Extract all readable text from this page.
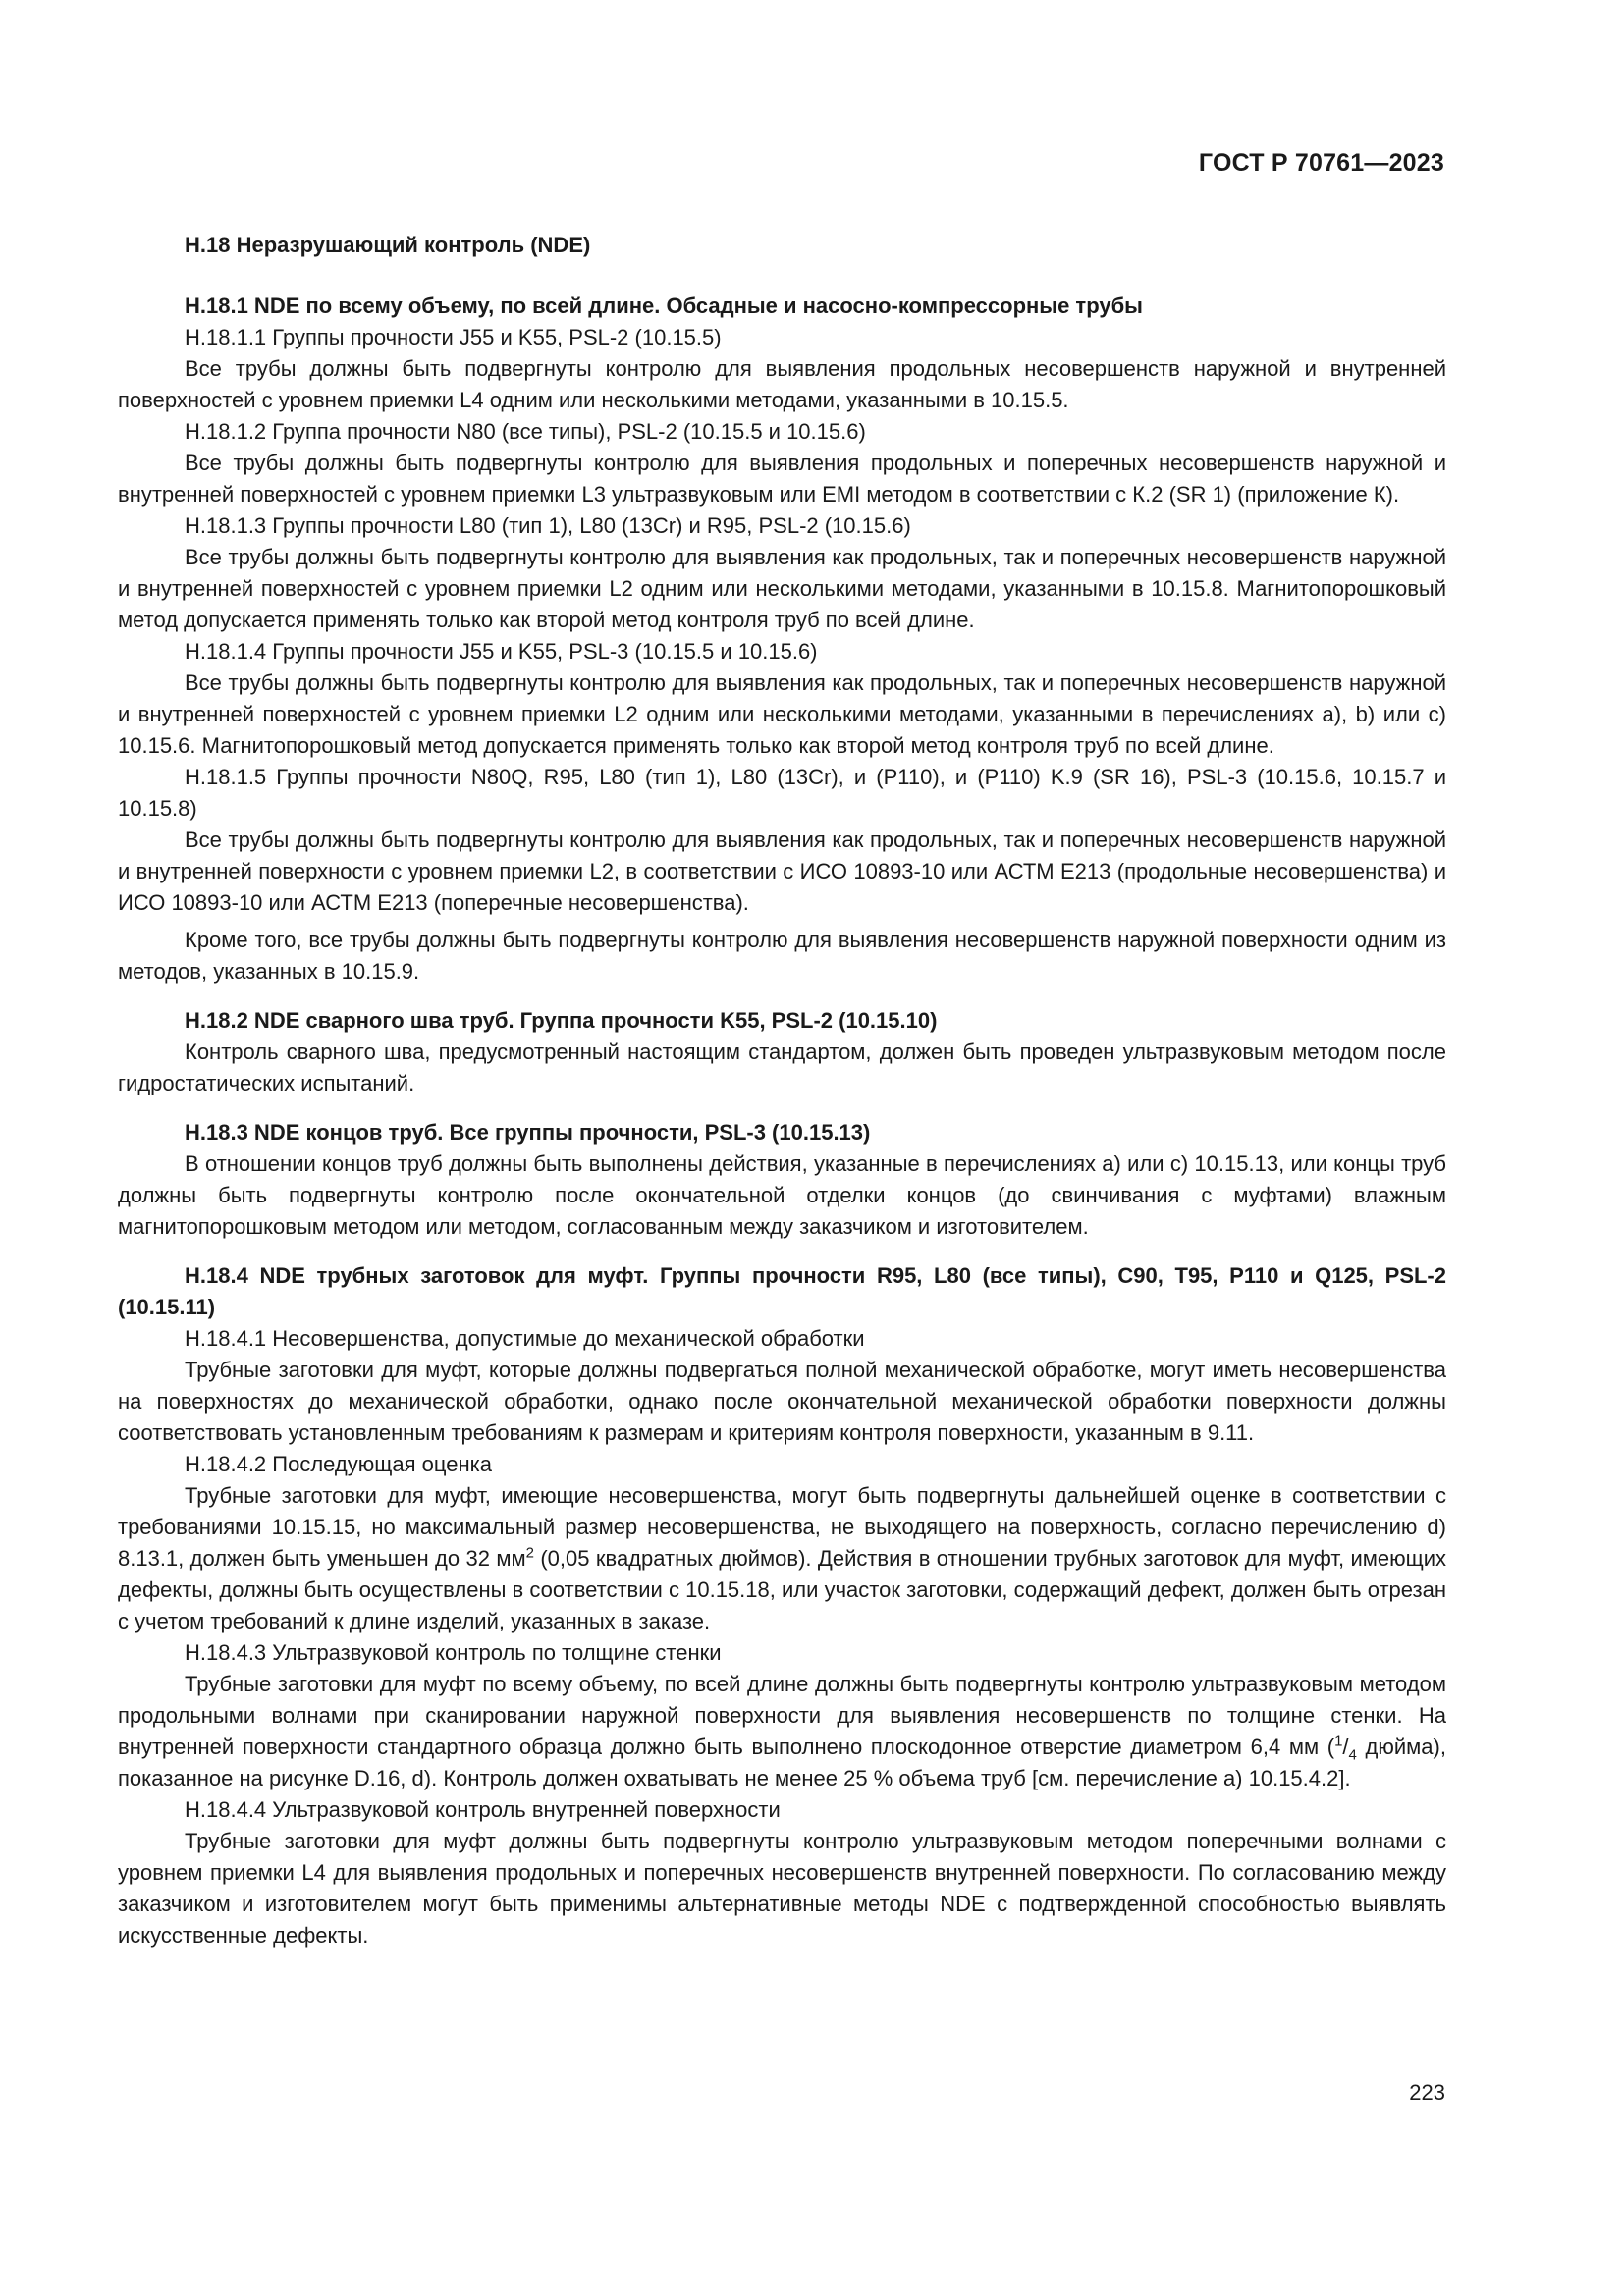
ГОСТ Р 70761—2023

H.18 Неразрушающий контроль (NDE)

H.18.1 NDE по всему объему, по всей длине. Обсадные и насосно-компрессорные трубы

H.18.1.1 Группы прочности J55 и K55, PSL-2 (10.15.5)

Все трубы должны быть подвергнуты контролю для выявления продольных несовершенств наружной и внутренней поверхностей с уровнем приемки L4 одним или несколькими методами, указанными в 10.15.5.

H.18.1.2 Группа прочности N80 (все типы), PSL-2 (10.15.5 и 10.15.6)

Все трубы должны быть подвергнуты контролю для выявления продольных и поперечных несовершенств наружной и внутренней поверхностей с уровнем приемки L3 ультразвуковым или EMI методом в соответствии с К.2 (SR 1) (приложение К).

H.18.1.3 Группы прочности L80 (тип 1), L80 (13Cr) и R95, PSL-2 (10.15.6)

Все трубы должны быть подвергнуты контролю для выявления как продольных, так и поперечных несовершенств наружной и внутренней поверхностей с уровнем приемки L2 одним или несколькими методами, указанными в 10.15.8. Магнитопорошковый метод допускается применять только как второй метод контроля труб по всей длине.

H.18.1.4 Группы прочности J55 и K55, PSL-3 (10.15.5 и 10.15.6)

Все трубы должны быть подвергнуты контролю для выявления как продольных, так и поперечных несовершенств наружной и внутренней поверхностей с уровнем приемки L2 одним или несколькими методами, указанными в перечислениях а), b) или с) 10.15.6. Магнитопорошковый метод допускается применять только как второй метод контроля труб по всей длине.

H.18.1.5 Группы прочности N80Q, R95, L80 (тип 1), L80 (13Cr), и (P110), и (P110) K.9 (SR 16), PSL-3 (10.15.6, 10.15.7 и 10.15.8)

Все трубы должны быть подвергнуты контролю для выявления как продольных, так и поперечных несовершенств наружной и внутренней поверхности с уровнем приемки L2, в соответствии с ИСО 10893-10 или АСТМ E213 (продольные несовершенства) и ИСО 10893-10 или АСТМ E213 (поперечные несовершенства).

Кроме того, все трубы должны быть подвергнуты контролю для выявления несовершенств наружной поверхности одним из методов, указанных в 10.15.9.

H.18.2 NDE сварного шва труб. Группа прочности K55, PSL-2 (10.15.10)

Контроль сварного шва, предусмотренный настоящим стандартом, должен быть проведен ультразвуковым методом после гидростатических испытаний.

H.18.3 NDE концов труб. Все группы прочности, PSL-3 (10.15.13)

В отношении концов труб должны быть выполнены действия, указанные в перечислениях а) или с) 10.15.13, или концы труб должны быть подвергнуты контролю после окончательной отделки концов (до свинчивания с муфтами) влажным магнитопорошковым методом или методом, согласованным между заказчиком и изготовителем.

H.18.4 NDE трубных заготовок для муфт. Группы прочности R95, L80 (все типы), C90, T95, P110 и Q125, PSL-2 (10.15.11)

H.18.4.1 Несовершенства, допустимые до механической обработки

Трубные заготовки для муфт, которые должны подвергаться полной механической обработке, могут иметь несовершенства на поверхностях до механической обработки, однако после окончательной механической обработки поверхности должны соответствовать установленным требованиям к размерам и критериям контроля поверхности, указанным в 9.11.

H.18.4.2 Последующая оценка

Трубные заготовки для муфт, имеющие несовершенства, могут быть подвергнуты дальнейшей оценке в соответствии с требованиями 10.15.15, но максимальный размер несовершенства, не выходящего на поверхность, согласно перечислению d) 8.13.1, должен быть уменьшен до 32 $мм^2$ (0,05 квадратных дюймов). Действия в отношении трубных заготовок для муфт, имеющих дефекты, должны быть осуществлены в соответствии с 10.15.18, или участок заготовки, содержащий дефект, должен быть отрезан с учетом требований к длине изделий, указанных в заказе.

H.18.4.3 Ультразвуковой контроль по толщине стенки

Трубные заготовки для муфт по всему объему, по всей длине должны быть подвергнуты контролю ультразвуковым методом продольными волнами при сканировании наружной поверхности для выявления несовершенств по толщине стенки. На внутренней поверхности стандартного образца должно быть выполнено плоскодонное отверстие диаметром 6,4 мм ($^1/_4$ дюйма), показанное на рисунке D.16, d). Контроль должен охватывать не менее 25 % объема труб [см. перечисление а) 10.15.4.2].

H.18.4.4 Ультразвуковой контроль внутренней поверхности

Трубные заготовки для муфт должны быть подвергнуты контролю ультразвуковым методом поперечными волнами с уровнем приемки L4 для выявления продольных и поперечных несовершенств внутренней поверхности. По согласованию между заказчиком и изготовителем могут быть применимы альтернативные методы NDE с подтвержденной способностью выявлять искусственные дефекты.

223
